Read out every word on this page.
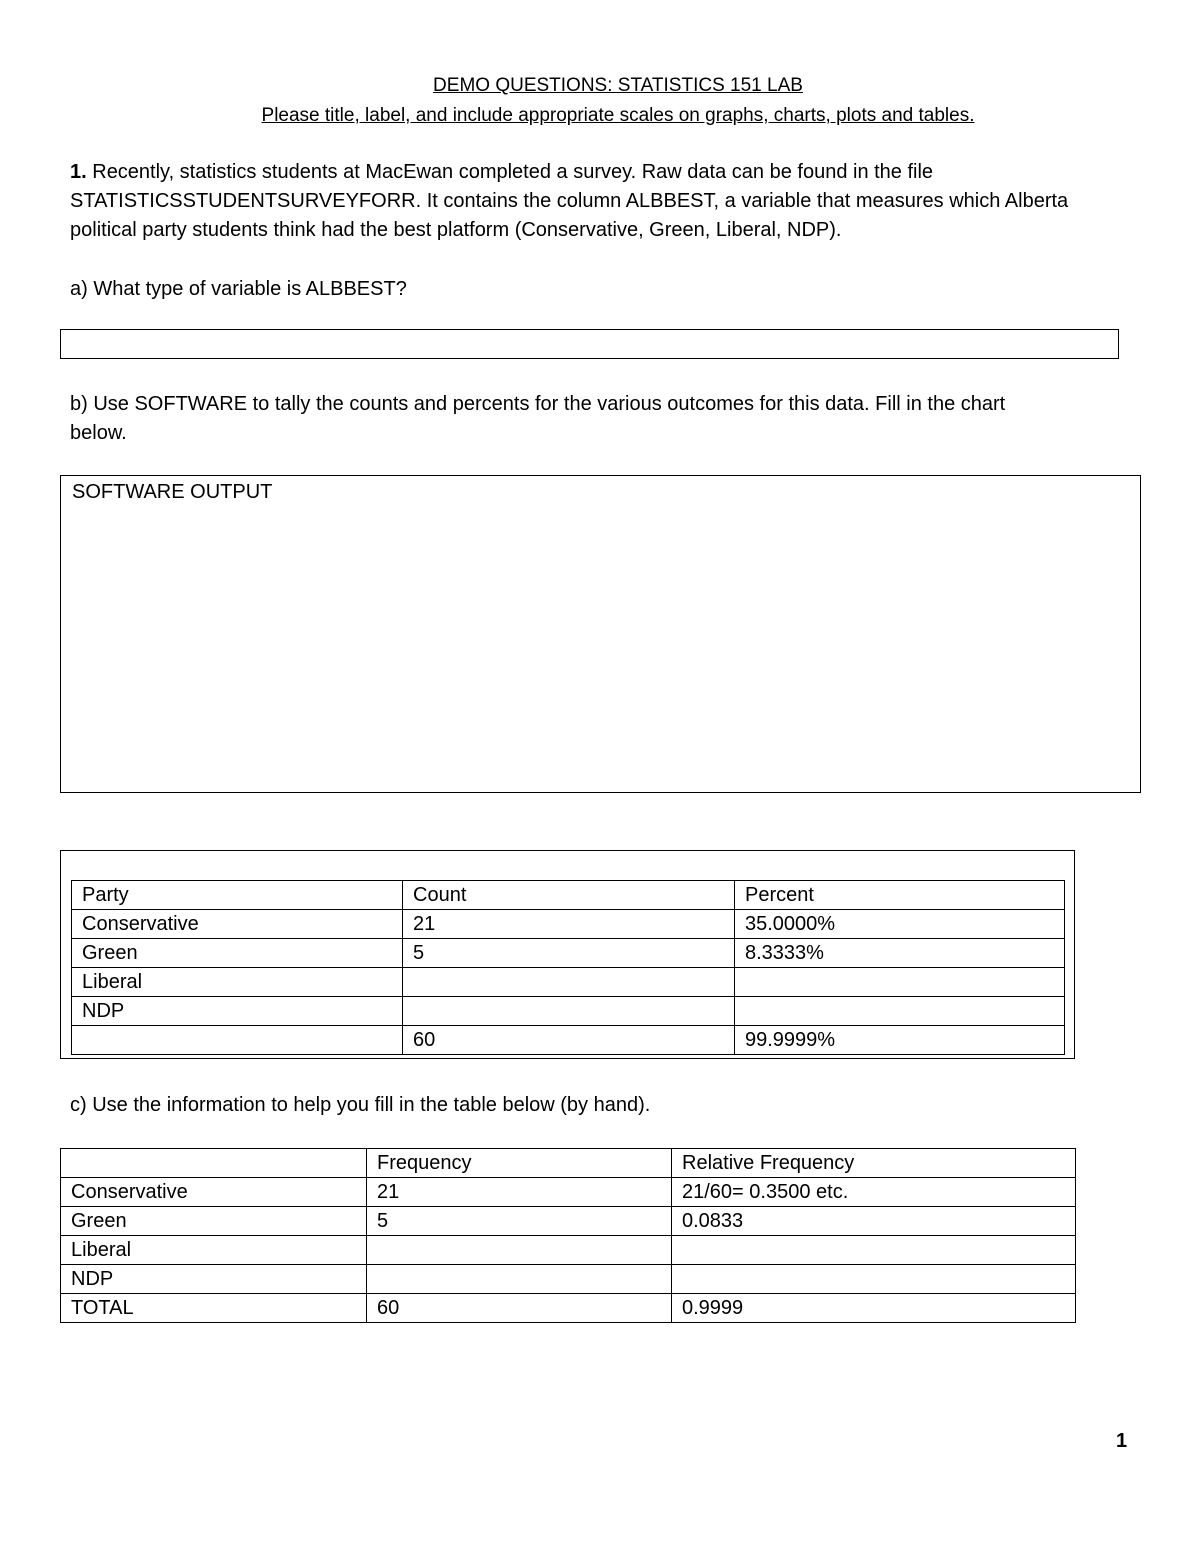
DEMO QUESTIONS: STATISTICS 151 LAB
Please title, label, and include appropriate scales on graphs, charts, plots and tables.
1. Recently, statistics students at MacEwan completed a survey. Raw data can be found in the file
STATISTICSSTUDENTSURVEYFORR. It contains the column ALBBEST, a variable that measures which Alberta
political party students think had the best platform (Conservative, Green, Liberal, NDP).
a) What type of variable is ALBBEST?
b) Use SOFTWARE to tally the counts and percents for the various outcomes for this data. Fill in the chart
below.
SOFTWARE OUTPUT
Party	Count	Percent
Conservative	21	35.0000%
Green	5	8.3333%
Liberal		
NDP		
	60	99.9999%
c) Use the information to help you fill in the table below (by hand).
	Frequency	Relative Frequency
Conservative	21	21/60= 0.3500 etc.
Green	5	0.0833
Liberal		
NDP		
TOTAL	60	0.9999
1
